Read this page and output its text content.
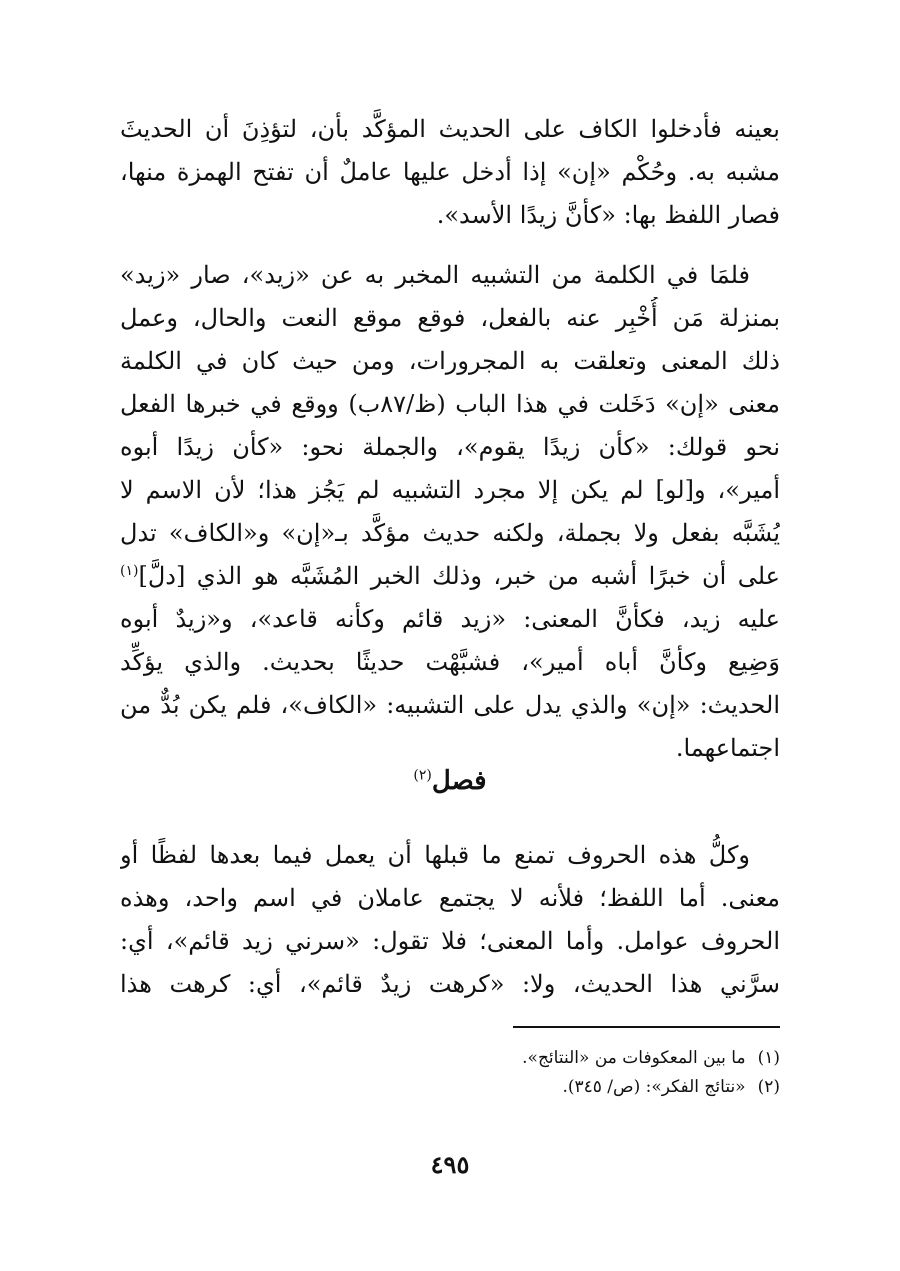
بعينه فأدخلوا الكاف على الحديث المؤكَّد بأن، لتؤذِنَ أن الحديثَ
مشبه به. وحُكْم «إن» إذا أدخل عليها عاملٌ أن تفتح الهمزة منها،
فصار اللفظ بها: «كأنَّ زيدًا الأسد».
فلمَا في الكلمة من التشبيه المخبر به عن «زيد»، صار «زيد»
بمنزلة مَن أُخْبِر عنه بالفعل، فوقع موقع النعت والحال، وعمل
ذلك المعنى وتعلقت به المجرورات، ومن حيث كان في الكلمة
معنى «إن» دَخَلت في هذا الباب (ظ/٨٧ب) ووقع في خبرها الفعل
نحو قولك: «كأن زيدًا يقوم»، والجملة نحو: «كأن زيدًا أبوه
أمير»، و[لو] لم يكن إلا مجرد التشبيه لم يَجُز هذا؛ لأن الاسم لا
يُشَبَّه بفعل ولا بجملة، ولكنه حديث مؤكَّد بـ«إن» و«الكاف» تدل
على أن خبرًا أشبه من خبر، وذلك الخبر المُشَبَّه هو الذي [دلَّ]$^{(١)}$
عليه زيد، فكأنَّ المعنى: «زيد قائم وكأنه قاعد»، و«زيدٌ أبوه
وَضِيع وكأنَّ أباه أمير»، فشبَّهْت حديثًا بحديث. والذي يؤكِّد
الحديث: «إن» والذي يدل على التشبيه: «الكاف»، فلم يكن بُدٌّ من
اجتماعهما.
فصل$^{(٢)}$
وكلُّ هذه الحروف تمنع ما قبلها أن يعمل فيما بعدها لفظًا أو
معنى. أما اللفظ؛ فلأنه لا يجتمع عاملان في اسم واحد، وهذه
الحروف عوامل. وأما المعنى؛ فلا تقول: «سرني زيد قائم»، أي:
سرَّني هذا الحديث، ولا: «كرهت زيدٌ قائم»، أي: كرهت هذا
(١)ما بين المعكوفات من «النتائج».
(٢)«نتائج الفكر»: (ص/ ٣٤٥).
٤٩٥
